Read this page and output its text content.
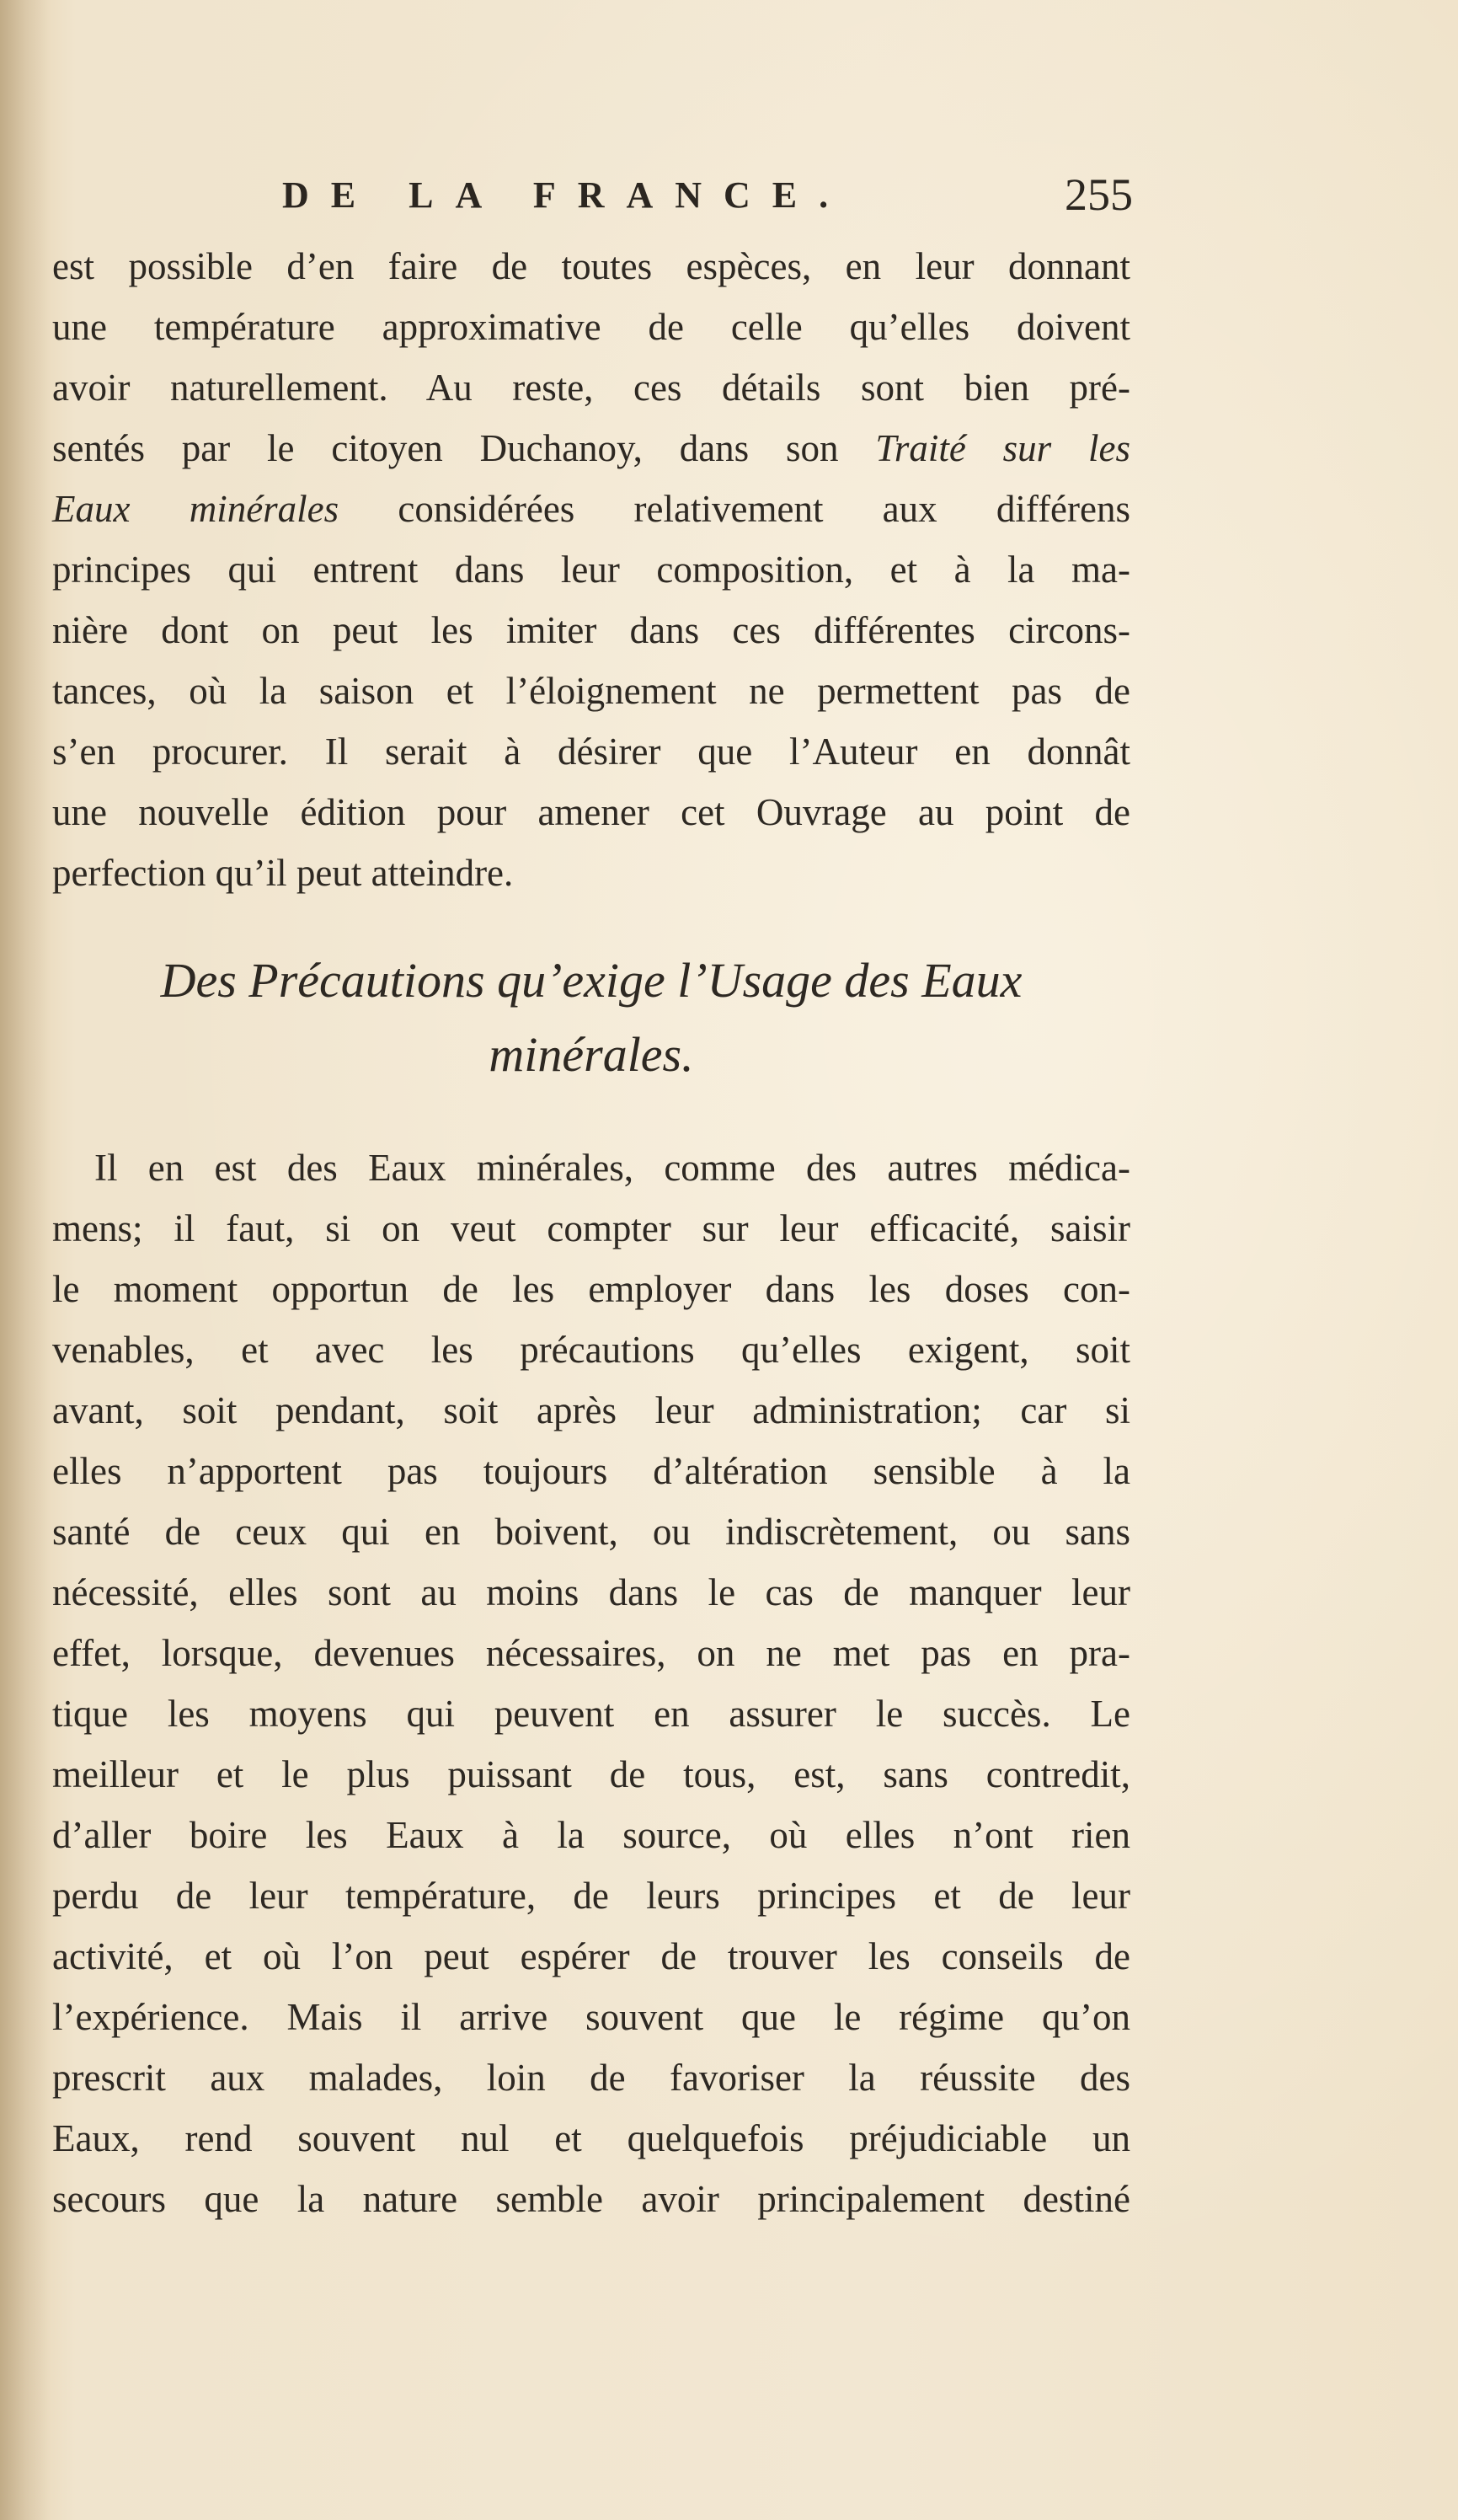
DE LA FRANCE.	255
est possible d’en faire de toutes espèces, en leur donnant
une température approximative de celle qu’elles doivent
avoir naturellement. Au reste, ces détails sont bien pré-
sentés par le citoyen Duchanoy, dans son Traité sur les
Eaux minérales considérées relativement aux différens
principes qui entrent dans leur composition, et à la ma-
nière dont on peut les imiter dans ces différentes circons-
tances, où la saison et l’éloignement ne permettent pas de
s’en procurer. Il serait à désirer que l’Auteur en donnât
une nouvelle édition pour amener cet Ouvrage au point de
perfection qu’il peut atteindre.
Des Précautions qu’exige l’Usage des Eaux
minérales.
Il en est des Eaux minérales, comme des autres médica-
mens; il faut, si on veut compter sur leur efficacité, saisir
le moment opportun de les employer dans les doses con-
venables, et avec les précautions qu’elles exigent, soit
avant, soit pendant, soit après leur administration; car si
elles n’apportent pas toujours d’altération sensible à la
santé de ceux qui en boivent, ou indiscrètement, ou sans
nécessité, elles sont au moins dans le cas de manquer leur
effet, lorsque, devenues nécessaires, on ne met pas en pra-
tique les moyens qui peuvent en assurer le succès. Le
meilleur et le plus puissant de tous, est, sans contredit,
d’aller boire les Eaux à la source, où elles n’ont rien
perdu de leur température, de leurs principes et de leur
activité, et où l’on peut espérer de trouver les conseils de
l’expérience. Mais il arrive souvent que le régime qu’on
prescrit aux malades, loin de favoriser la réussite des
Eaux, rend souvent nul et quelquefois préjudiciable un
secours que la nature semble avoir principalement destiné
